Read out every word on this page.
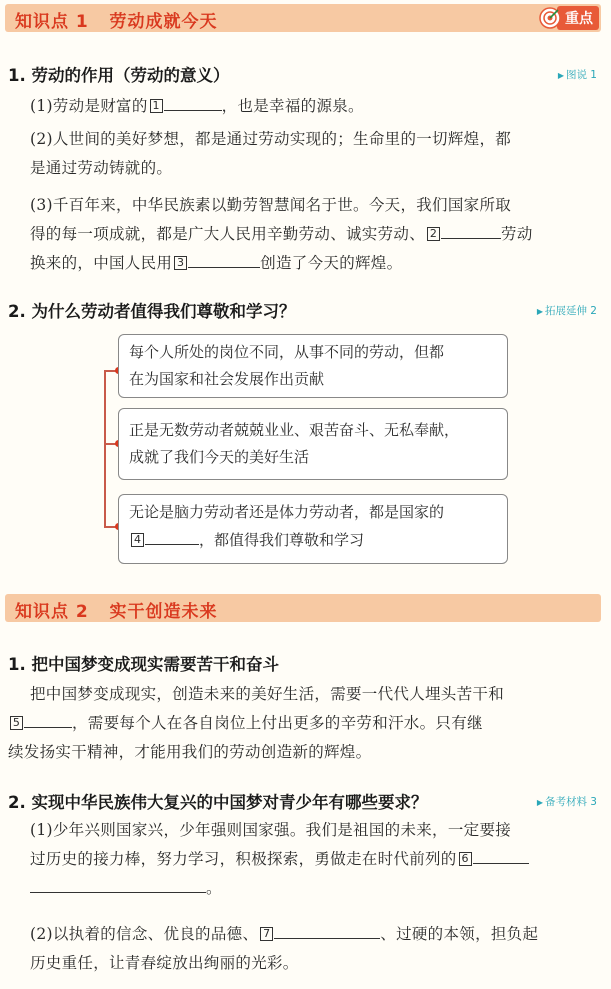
知识点 1   劳动成就今天	重点
1. 劳动的作用（劳动的意义）	▶ 图说 1
(1)劳动是财富的 1	，也是幸福的源泉。
(2)人世间的美好梦想，都是通过劳动实现的；生命里的一切辉煌，都
是通过劳动铸就的。
(3)千百年来，中华民族素以勤劳智慧闻名于世。今天，我们国家所取
得的每一项成就，都是广大人民用辛勤劳动、诚实劳动、 2	劳动
换来的，中国人民用 3	创造了今天的辉煌。
2. 为什么劳动者值得我们尊敬和学习？	▶ 拓展延伸 2
每个人所处的岗位不同，从事不同的劳动，但都
在为国家和社会发展作出贡献
正是无数劳动者兢兢业业、艰苦奋斗、无私奉献，
成就了我们今天的美好生活
无论是脑力劳动者还是体力劳动者，都是国家的
4	，都值得我们尊敬和学习
知识点 2   实干创造未来
1. 把中国梦变成现实需要苦干和奋斗
把中国梦变成现实，创造未来的美好生活，需要一代代人埋头苦干和
5	，需要每个人在各自岗位上付出更多的辛劳和汗水。只有继
续发扬实干精神，才能用我们的劳动创造新的辉煌。
2. 实现中华民族伟大复兴的中国梦对青少年有哪些要求？	▶ 备考材料 3
(1)少年兴则国家兴，少年强则国家强。我们是祖国的未来，一定要接
过历史的接力棒，努力学习，积极探索，勇做走在时代前列的 6
。
(2)以执着的信念、优良的品德、 7	、过硬的本领，担负起
历史重任，让青春绽放出绚丽的光彩。
